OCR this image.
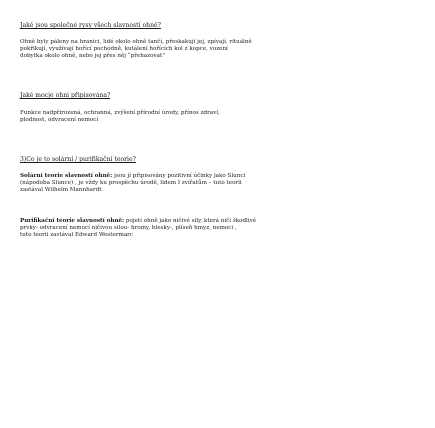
Jaké jsou společné rysy všech slavností ohně?
Ohně byly páleny na hranici, lidé okolo ohně tančí, přeskakují jej, zpívají, rituálně
pokřikují, využívají hořící pochodně, kutálení hořících kol z kopce, vození
dobytka okolo ohně, nebo jej přes něj “přehazovat”
Jaké mocje ohni připisována?
Funkce nadpřirozená, ochranná, zvýšení přírodní úrody, přínos zdraví,
plodnost, odvracení nemocí
3)Co je to solární / purifikační teorie?
Solární teorie slavností ohně: jsou jí připisovány pozitivní účinky jako Slunci
(nápodoba Slunce) , je vždy ku prospěchu úrodě, lidem I zvířatům – tuto teorii
zastával Wilhelm Mannhardt
Purifikační teorie slavností ohně: pojetí ohně jako ničivé síly, která ničí škodlivé
prvky- odvracení nemocí ničivou silou- hromy, blesky-, plíseň hmyz, nemoci ,
tuto teorii zastával Edward Westermarc
